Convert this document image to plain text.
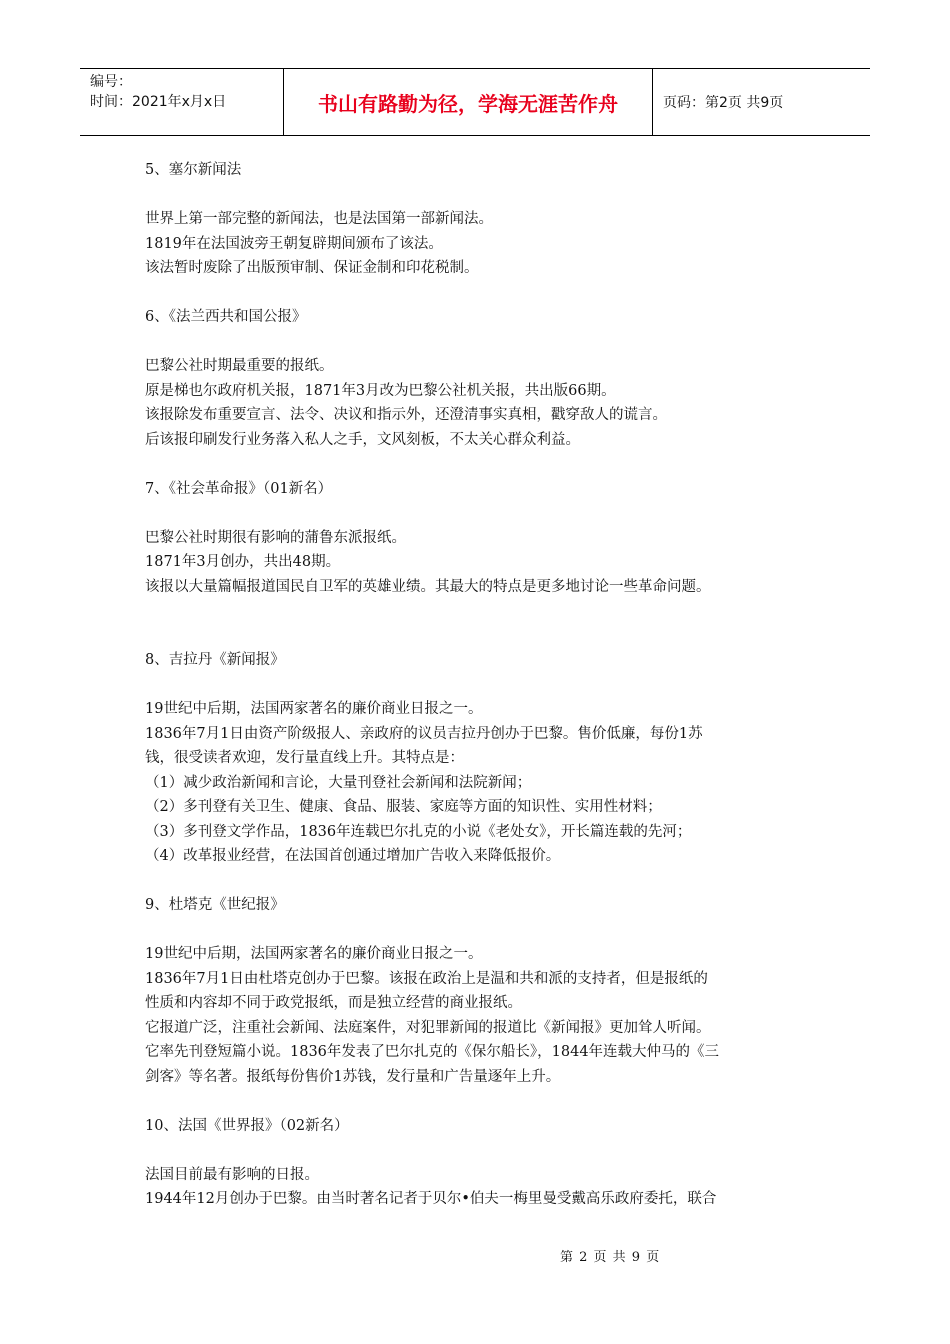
编号：
时间：2021年x月x日	书山有路勤为径，学海无涯苦作舟	页码：第2页 共9页

5、塞尔新闻法

世界上第一部完整的新闻法，也是法国第一部新闻法。

1819年在法国波旁王朝复辟期间颁布了该法。

该法暂时废除了出版预审制、保证金制和印花税制。

6、《法兰西共和国公报》

巴黎公社时期最重要的报纸。

原是梯也尔政府机关报，1871年3月改为巴黎公社机关报，共出版66期。

该报除发布重要宣言、法令、决议和指示外，还澄清事实真相，戳穿敌人的谎言。

后该报印刷发行业务落入私人之手，文风刻板，不太关心群众利益。

7、《社会革命报》（01新名）

巴黎公社时期很有影响的蒲鲁东派报纸。

1871年3月创办，共出48期。

该报以大量篇幅报道国民自卫军的英雄业绩。其最大的特点是更多地讨论一些革命问题。

8、吉拉丹《新闻报》

19世纪中后期，法国两家著名的廉价商业日报之一。

1836年7月1日由资产阶级报人、亲政府的议员吉拉丹创办于巴黎。售价低廉，每份1苏

钱，很受读者欢迎，发行量直线上升。其特点是：

（1）减少政治新闻和言论，大量刊登社会新闻和法院新闻；

（2）多刊登有关卫生、健康、食品、服装、家庭等方面的知识性、实用性材料；

（3）多刊登文学作品，1836年连载巴尔扎克的小说《老处女》，开长篇连载的先河；

（4）改革报业经营，在法国首创通过增加广告收入来降低报价。

9、杜塔克《世纪报》

19世纪中后期，法国两家著名的廉价商业日报之一。

1836年7月1日由杜塔克创办于巴黎。该报在政治上是温和共和派的支持者，但是报纸的

性质和内容却不同于政党报纸，而是独立经营的商业报纸。

它报道广泛，注重社会新闻、法庭案件，对犯罪新闻的报道比《新闻报》更加耸人听闻。

它率先刊登短篇小说。1836年发表了巴尔扎克的《保尔船长》，1844年连载大仲马的《三

剑客》等名著。报纸每份售价1苏钱，发行量和广告量逐年上升。

10、法国《世界报》（02新名）

法国目前最有影响的日报。

1944年12月创办于巴黎。由当时著名记者于贝尔•伯夫一梅里曼受戴高乐政府委托，联合

第 2 页 共 9 页
